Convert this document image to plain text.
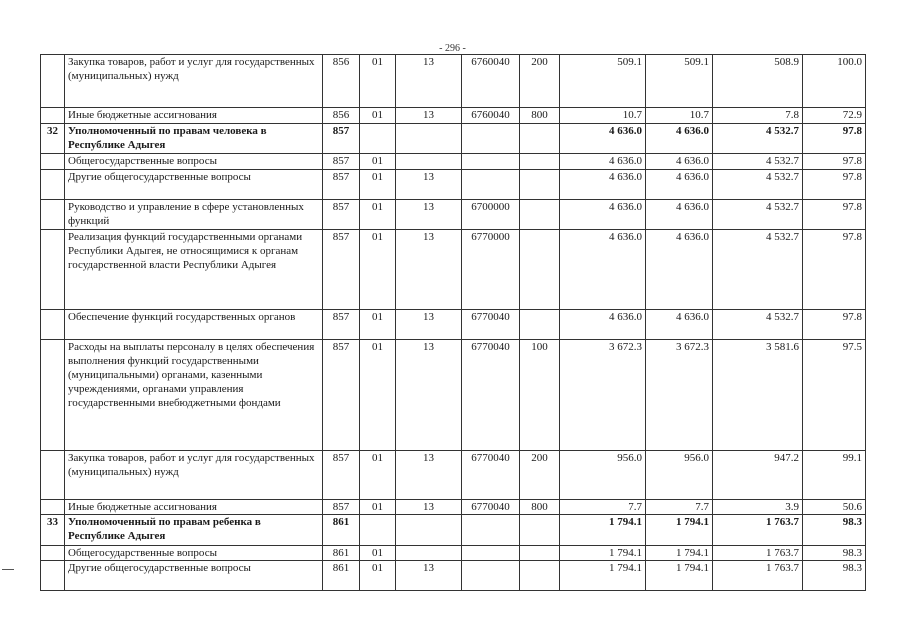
- 296 -
	Закупка товаров, работ и услуг для государственных (муниципальных) нужд	856	01	13	6760040	200	509.1	509.1	508.9	100.0
	Иные бюджетные ассигнования	856	01	13	6760040	800	10.7	10.7	7.8	72.9
32	Уполномоченный по правам человека в Республике Адыгея	857					4 636.0	4 636.0	4 532.7	97.8
	Общегосударственные вопросы	857	01				4 636.0	4 636.0	4 532.7	97.8
	Другие общегосударственные вопросы	857	01	13			4 636.0	4 636.0	4 532.7	97.8
	Руководство и управление в сфере установленных функций	857	01	13	6700000		4 636.0	4 636.0	4 532.7	97.8
	Реализация функций государственными органами Республики Адыгея, не относящимися к органам государственной власти Республики Адыгея	857	01	13	6770000		4 636.0	4 636.0	4 532.7	97.8
	Обеспечение функций государственных органов	857	01	13	6770040		4 636.0	4 636.0	4 532.7	97.8
	Расходы на выплаты персоналу в целях обеспечения выполнения функций государственными (муниципальными) органами, казенными учреждениями, органами управления государственными внебюджетными фондами	857	01	13	6770040	100	3 672.3	3 672.3	3 581.6	97.5
	Закупка товаров, работ и услуг для государственных (муниципальных) нужд	857	01	13	6770040	200	956.0	956.0	947.2	99.1
	Иные бюджетные ассигнования	857	01	13	6770040	800	7.7	7.7	3.9	50.6
33	Уполномоченный по правам ребенка в Республике Адыгея	861					1 794.1	1 794.1	1 763.7	98.3
	Общегосударственные вопросы	861	01				1 794.1	1 794.1	1 763.7	98.3
	Другие общегосударственные вопросы	861	01	13			1 794.1	1 794.1	1 763.7	98.3
